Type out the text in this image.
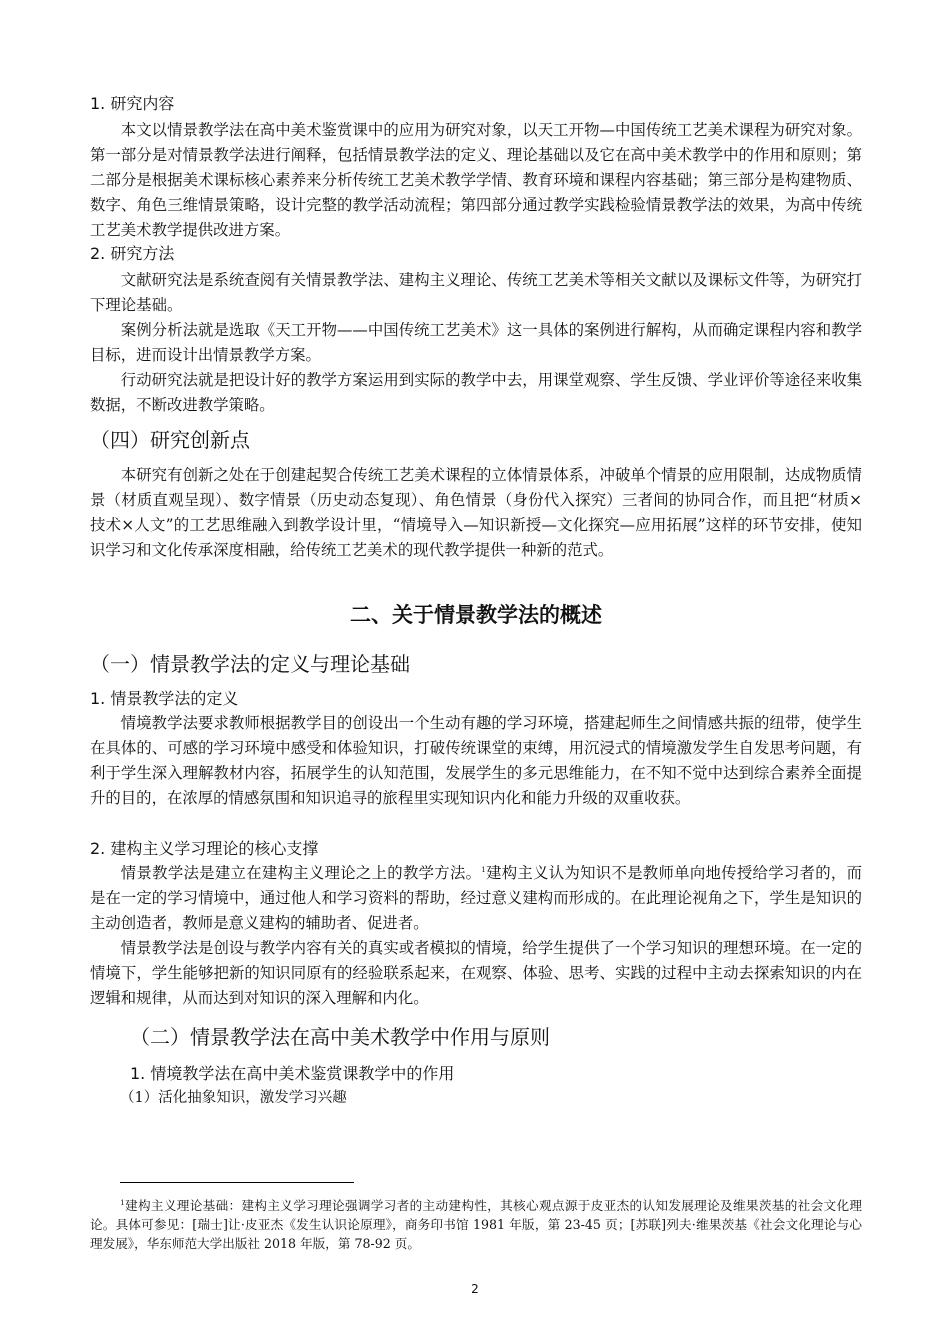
1. 研究内容

本文以情景教学法在高中美术鉴赏课中的应用为研究对象，以天工开物—中国传统工艺美术课程为研究对象。第一部分是对情景教学法进行阐释，包括情景教学法的定义、理论基础以及它在高中美术教学中的作用和原则；第二部分是根据美术课标核心素养来分析传统工艺美术教学学情、教育环境和课程内容基础；第三部分是构建物质、数字、角色三维情景策略，设计完整的教学活动流程；第四部分通过教学实践检验情景教学法的效果，为高中传统工艺美术教学提供改进方案。

2. 研究方法

文献研究法是系统查阅有关情景教学法、建构主义理论、传统工艺美术等相关文献以及课标文件等，为研究打下理论基础。

案例分析法就是选取《天工开物——中国传统工艺美术》这一具体的案例进行解构，从而确定课程内容和教学目标，进而设计出情景教学方案。

行动研究法就是把设计好的教学方案运用到实际的教学中去，用课堂观察、学生反馈、学业评价等途径来收集数据，不断改进教学策略。

（四）研究创新点

本研究有创新之处在于创建起契合传统工艺美术课程的立体情景体系，冲破单个情景的应用限制，达成物质情景（材质直观呈现）、数字情景（历史动态复现）、角色情景（身份代入探究）三者间的协同合作，而且把“材质×技术×人文”的工艺思维融入到教学设计里，“情境导入—知识新授—文化探究—应用拓展”这样的环节安排，使知识学习和文化传承深度相融，给传统工艺美术的现代教学提供一种新的范式。

二、关于情景教学法的概述
（一）情景教学法的定义与理论基础
1. 情景教学法的定义

情境教学法要求教师根据教学目的创设出一个生动有趣的学习环境，搭建起师生之间情感共振的纽带，使学生在具体的、可感的学习环境中感受和体验知识，打破传统课堂的束缚，用沉浸式的情境激发学生自发思考问题，有利于学生深入理解教材内容，拓展学生的认知范围，发展学生的多元思维能力，在不知不觉中达到综合素养全面提升的目的，在浓厚的情感氛围和知识追寻的旅程里实现知识内化和能力升级的双重收获。

2. 建构主义学习理论的核心支撑

情景教学法是建立在建构主义理论之上的教学方法。$^1$建构主义认为知识不是教师单向地传授给学习者的，而是在一定的学习情境中，通过他人和学习资料的帮助，经过意义建构而形成的。在此理论视角之下，学生是知识的主动创造者，教师是意义建构的辅助者、促进者。

情景教学法是创设与教学内容有关的真实或者模拟的情境，给学生提供了一个学习知识的理想环境。在一定的情境下，学生能够把新的知识同原有的经验联系起来，在观察、体验、思考、实践的过程中主动去探索知识的内在逻辑和规律，从而达到对知识的深入理解和内化。

（二）情景教学法在高中美术教学中作用与原则
1. 情境教学法在高中美术鉴赏课教学中的作用
（1）活化抽象知识，激发学习兴趣

$^1$建构主义理论基础：建构主义学习理论强调学习者的主动建构性，其核心观点源于皮亚杰的认知发展理论及维果茨基的社会文化理论。具体可参见：[瑞士]让·皮亚杰《发生认识论原理》，商务印书馆 1981 年版，第 23-45 页；[苏联]列夫·维果茨基《社会文化理论与心理发展》，华东师范大学出版社 2018 年版，第 78-92 页。

2
